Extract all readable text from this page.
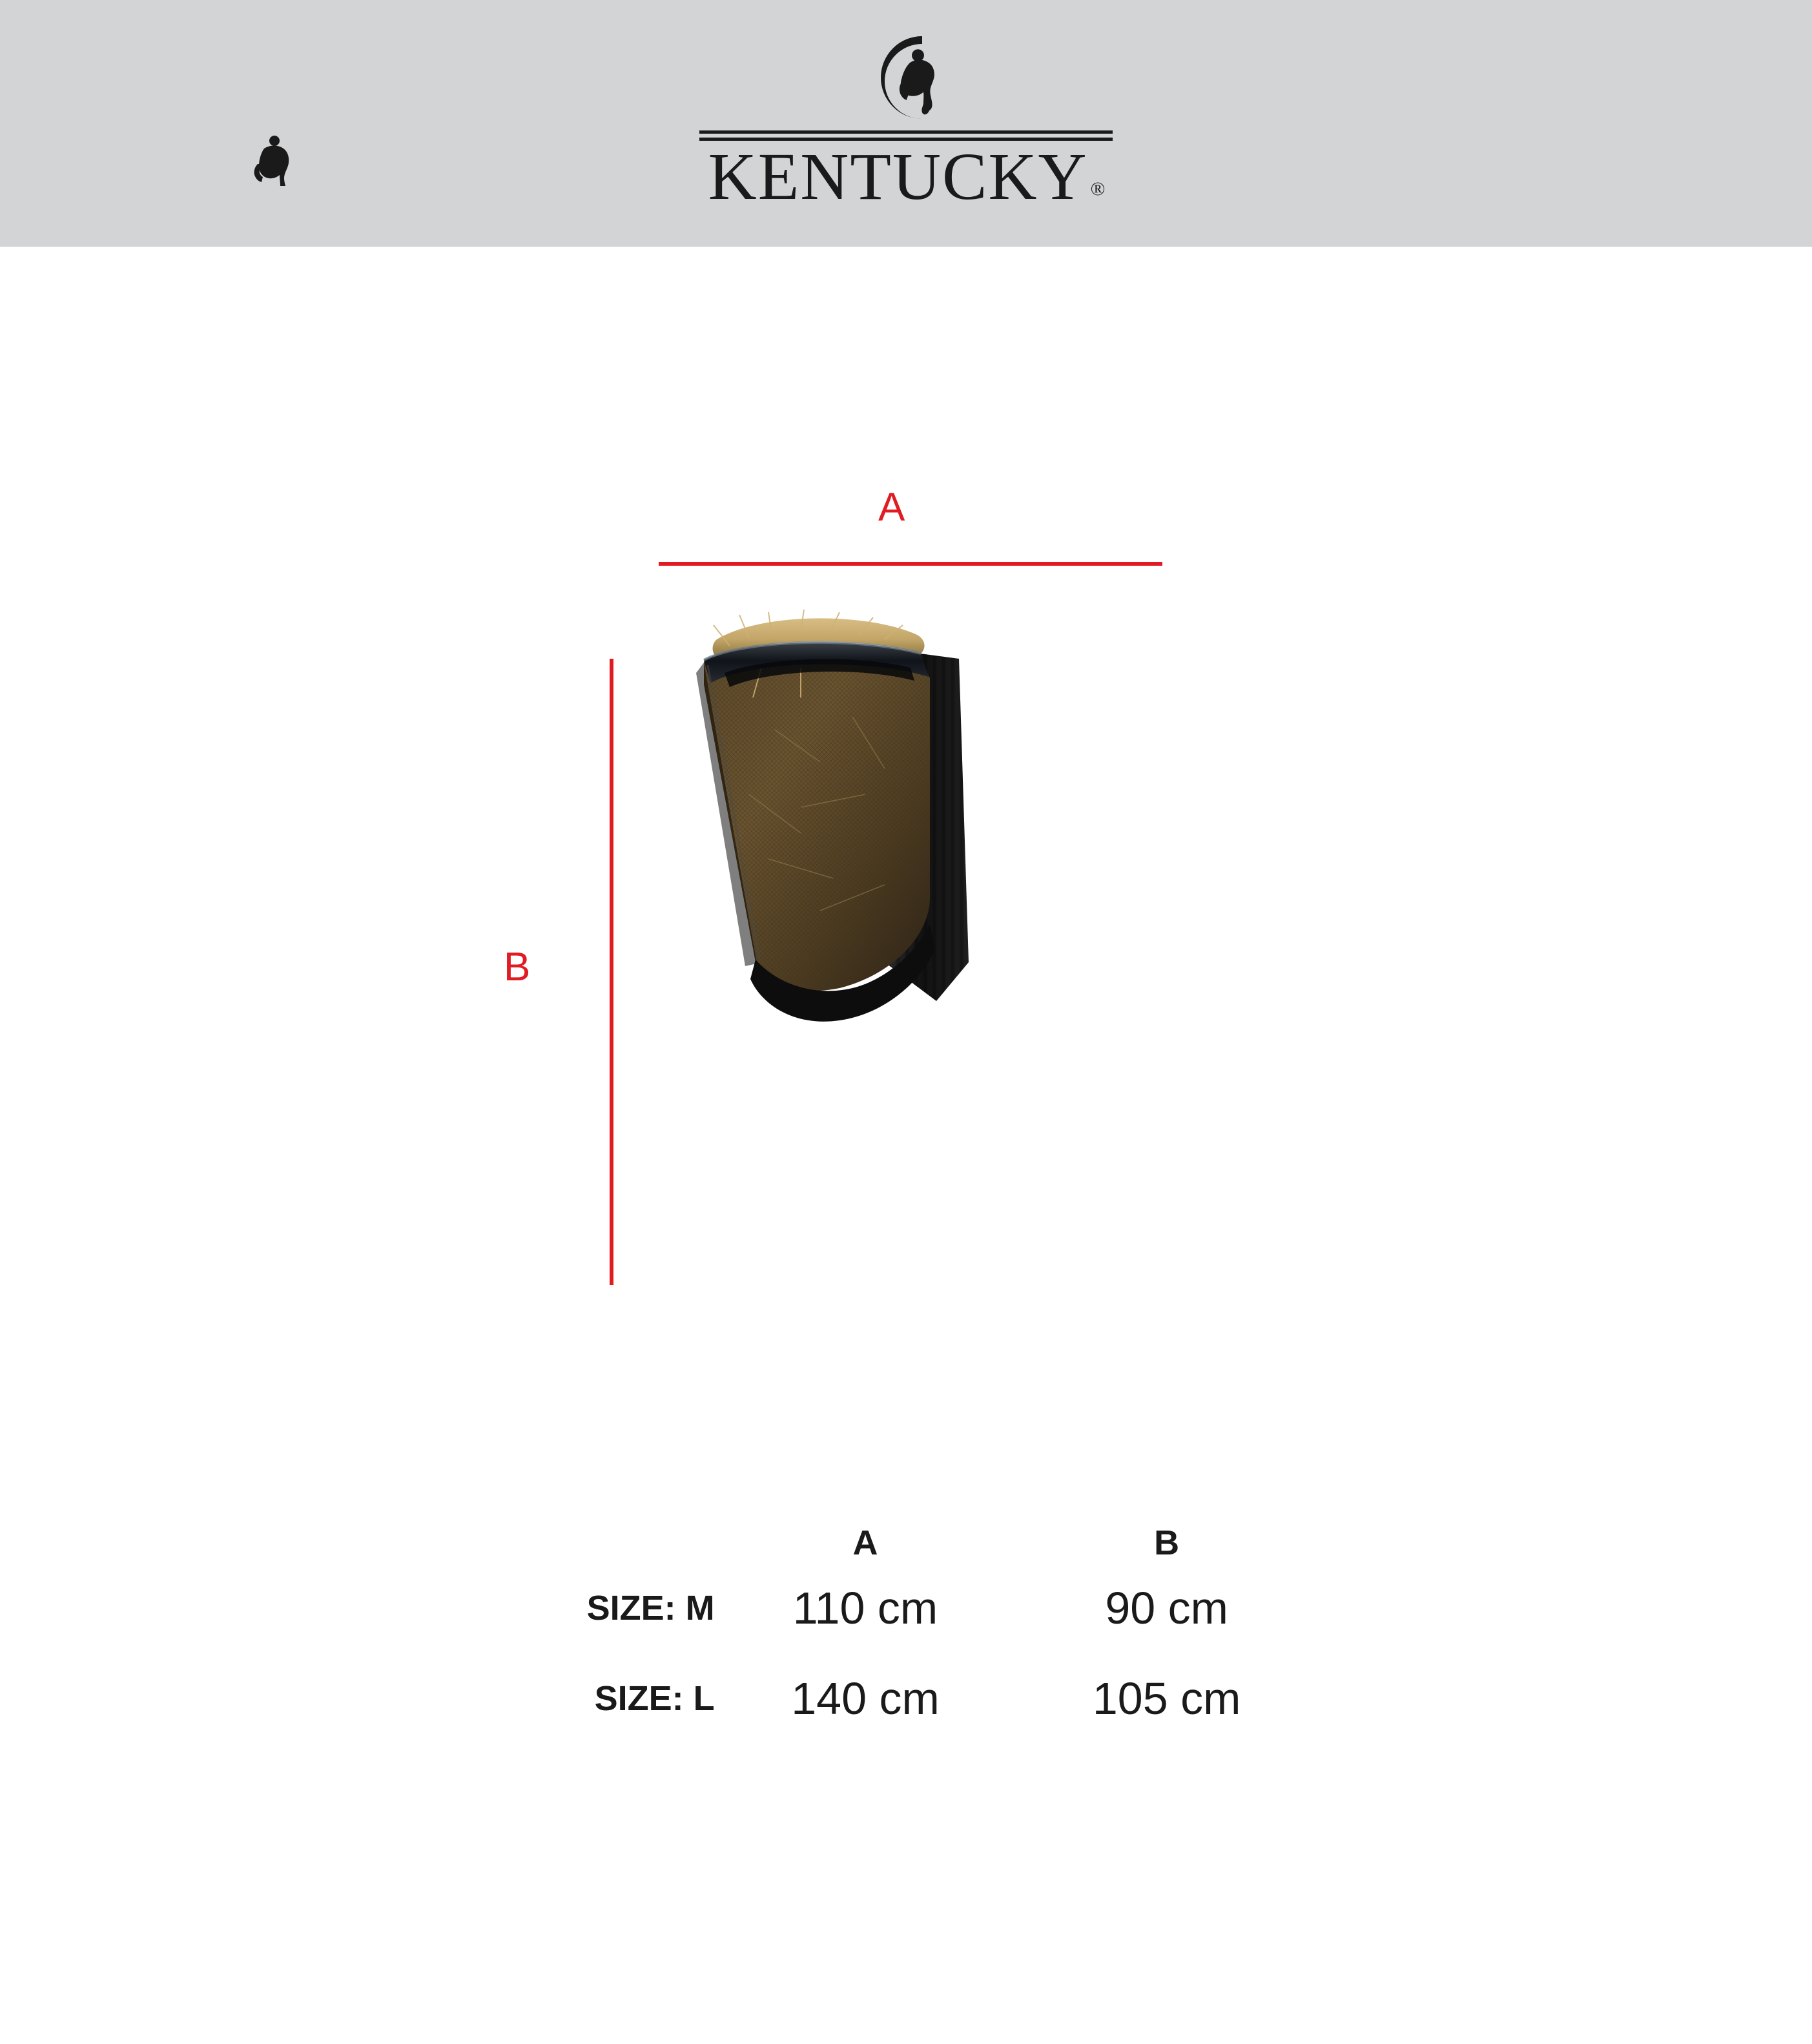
KENTUCKY ®
A
B
	A	B
SIZE: M	110 cm	90 cm
SIZE: L	140 cm	105 cm
